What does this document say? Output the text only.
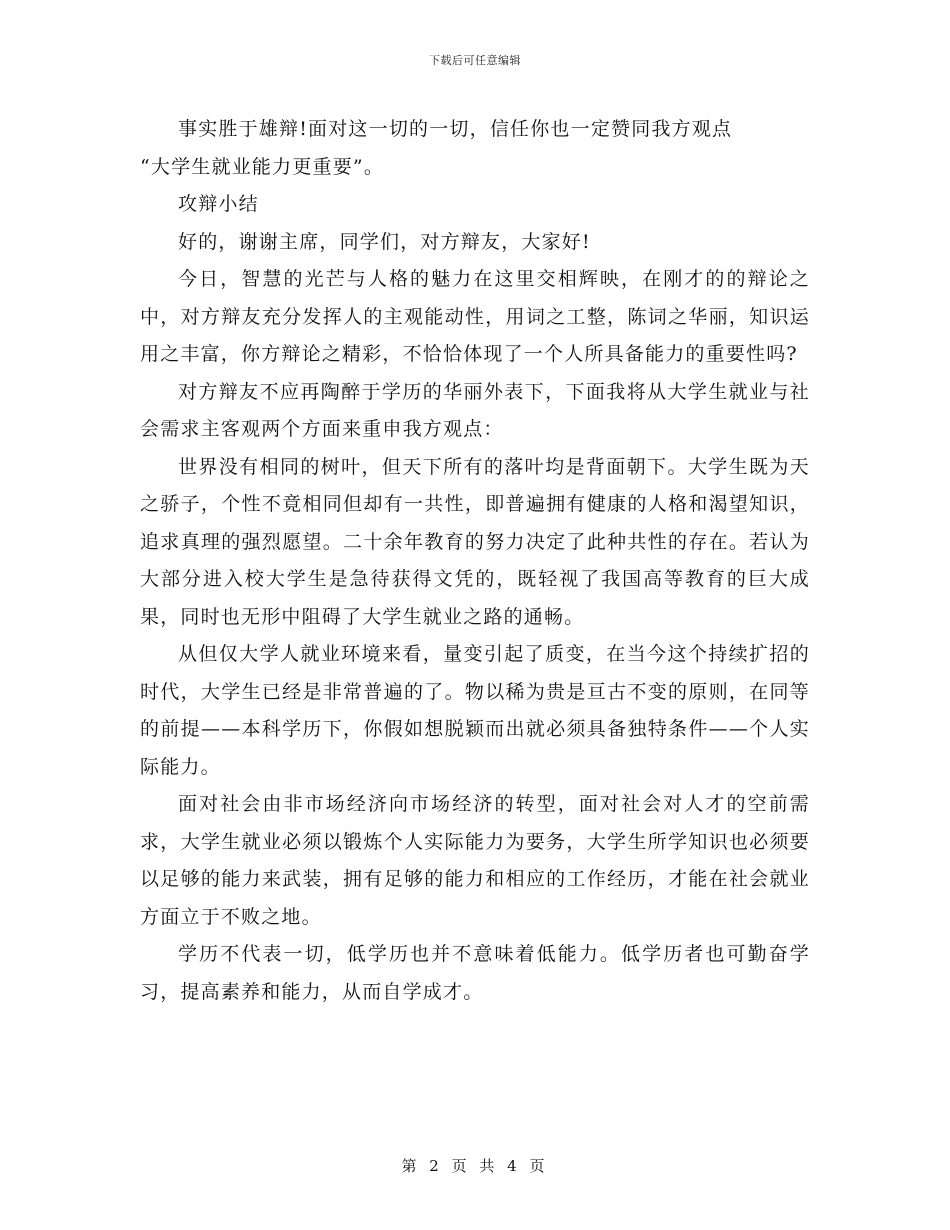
下载后可任意编辑

事实胜于雄辩!面对这一切的一切，信任你也一定赞同我方观点

“大学生就业能力更重要”。

攻辩小结

好的，谢谢主席，同学们，对方辩友，大家好!

今日，智慧的光芒与人格的魅力在这里交相辉映，在刚才的的辩论之中，对方辩友充分发挥人的主观能动性，用词之工整，陈词之华丽，知识运用之丰富，你方辩论之精彩，不恰恰体现了一个人所具备能力的重要性吗?

对方辩友不应再陶醉于学历的华丽外表下，下面我将从大学生就业与社会需求主客观两个方面来重申我方观点：

世界没有相同的树叶，但天下所有的落叶均是背面朝下。大学生既为天之骄子，个性不竟相同但却有一共性，即普遍拥有健康的人格和渴望知识，追求真理的强烈愿望。二十余年教育的努力决定了此种共性的存在。若认为大部分进入校大学生是急待获得文凭的，既轻视了我国高等教育的巨大成果，同时也无形中阻碍了大学生就业之路的通畅。

从但仅大学人就业环境来看，量变引起了质变，在当今这个持续扩招的时代，大学生已经是非常普遍的了。物以稀为贵是亘古不变的原则，在同等的前提——本科学历下，你假如想脱颖而出就必须具备独特条件——个人实际能力。

面对社会由非市场经济向市场经济的转型，面对社会对人才的空前需求，大学生就业必须以锻炼个人实际能力为要务，大学生所学知识也必须要以足够的能力来武装，拥有足够的能力和相应的工作经历，才能在社会就业方面立于不败之地。

学历不代表一切，低学历也并不意味着低能力。低学历者也可勤奋学习，提高素养和能力，从而自学成才。

第 2 页 共 4 页
